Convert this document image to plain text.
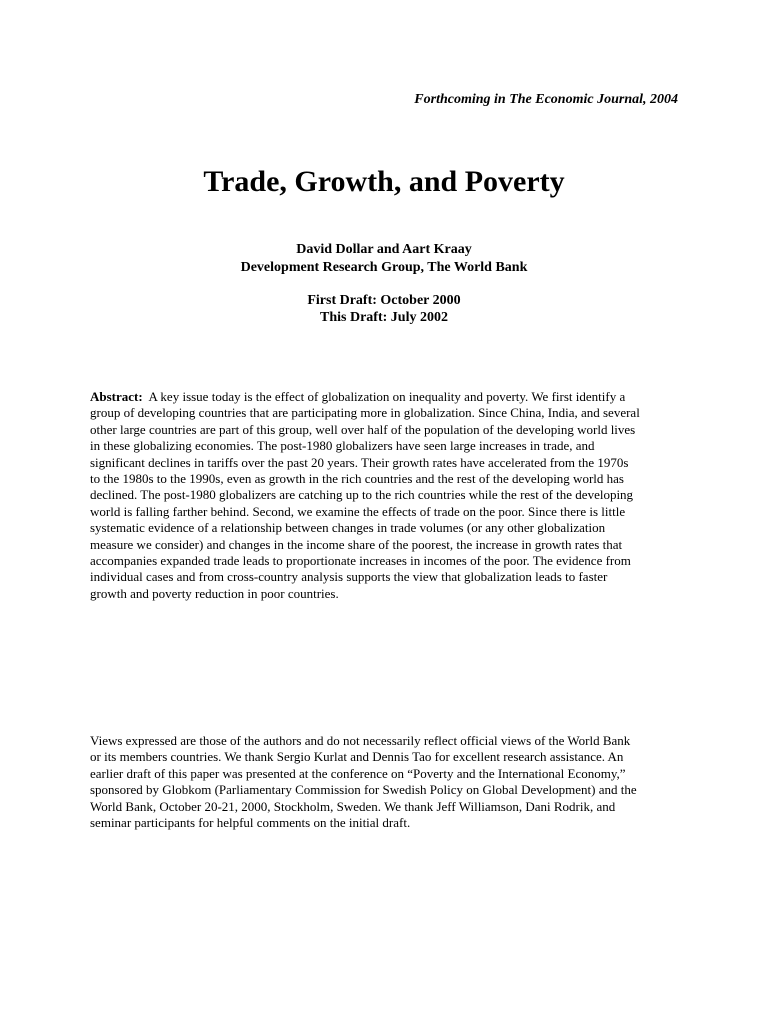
Forthcoming in The Economic Journal, 2004
Trade, Growth, and Poverty
David Dollar and Aart Kraay
Development Research Group, The World Bank
First Draft: October 2000
This Draft: July 2002
Abstract: A key issue today is the effect of globalization on inequality and poverty. We first identify a
group of developing countries that are participating more in globalization. Since China, India, and several
other large countries are part of this group, well over half of the population of the developing world lives
in these globalizing economies. The post-1980 globalizers have seen large increases in trade, and
significant declines in tariffs over the past 20 years. Their growth rates have accelerated from the 1970s
to the 1980s to the 1990s, even as growth in the rich countries and the rest of the developing world has
declined. The post-1980 globalizers are catching up to the rich countries while the rest of the developing
world is falling farther behind. Second, we examine the effects of trade on the poor. Since there is little
systematic evidence of a relationship between changes in trade volumes (or any other globalization
measure we consider) and changes in the income share of the poorest, the increase in growth rates that
accompanies expanded trade leads to proportionate increases in incomes of the poor. The evidence from
individual cases and from cross-country analysis supports the view that globalization leads to faster
growth and poverty reduction in poor countries.
Views expressed are those of the authors and do not necessarily reflect official views of the World Bank
or its members countries. We thank Sergio Kurlat and Dennis Tao for excellent research assistance. An
earlier draft of this paper was presented at the conference on “Poverty and the International Economy,”
sponsored by Globkom (Parliamentary Commission for Swedish Policy on Global Development) and the
World Bank, October 20-21, 2000, Stockholm, Sweden. We thank Jeff Williamson, Dani Rodrik, and
seminar participants for helpful comments on the initial draft.
